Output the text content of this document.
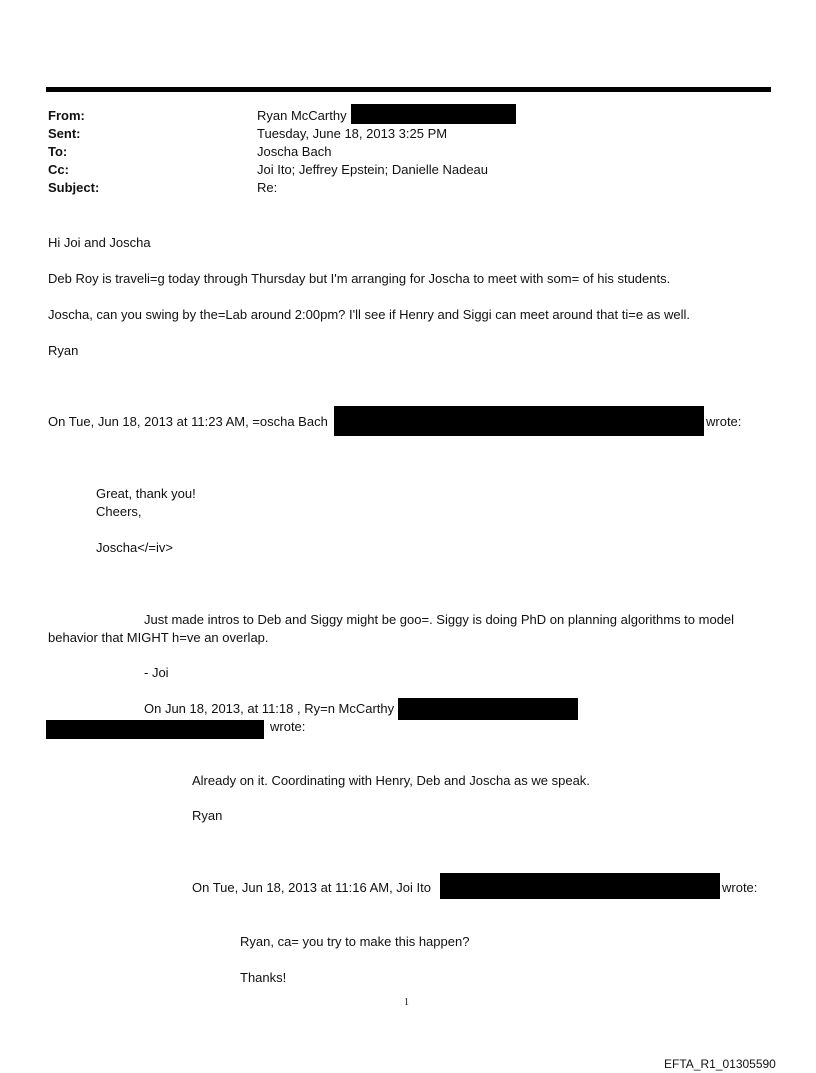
From:	Ryan McCarthy
Sent:	Tuesday, June 18, 2013 3:25 PM
To:	Joscha Bach
Cc:	Joi Ito; Jeffrey Epstein; Danielle Nadeau
Subject:	Re:
Hi Joi and Joscha
Deb Roy is traveli=g today through Thursday but I'm arranging for Joscha to meet with som= of his students.
Joscha, can you swing by the=Lab around 2:00pm? I'll see if Henry and Siggi can meet around that ti=e as well.
Ryan
On Tue, Jun 18, 2013 at 11:23 AM, =oscha Bach	wrote:
Great, thank you!
Cheers,
Joscha</=iv>
Just made intros to Deb and Siggy might be goo=. Siggy is doing PhD on planning algorithms to model
behavior that MIGHT h=ve an overlap.
- Joi
On Jun 18, 2013, at 11:18 , Ry=n McCarthy
wrote:
Already on it. Coordinating with Henry, Deb and Joscha as we speak.
Ryan
On Tue, Jun 18, 2013 at 11:16 AM, Joi Ito	wrote:
Ryan, ca= you try to make this happen?
Thanks!
1
EFTA_R1_01305590
